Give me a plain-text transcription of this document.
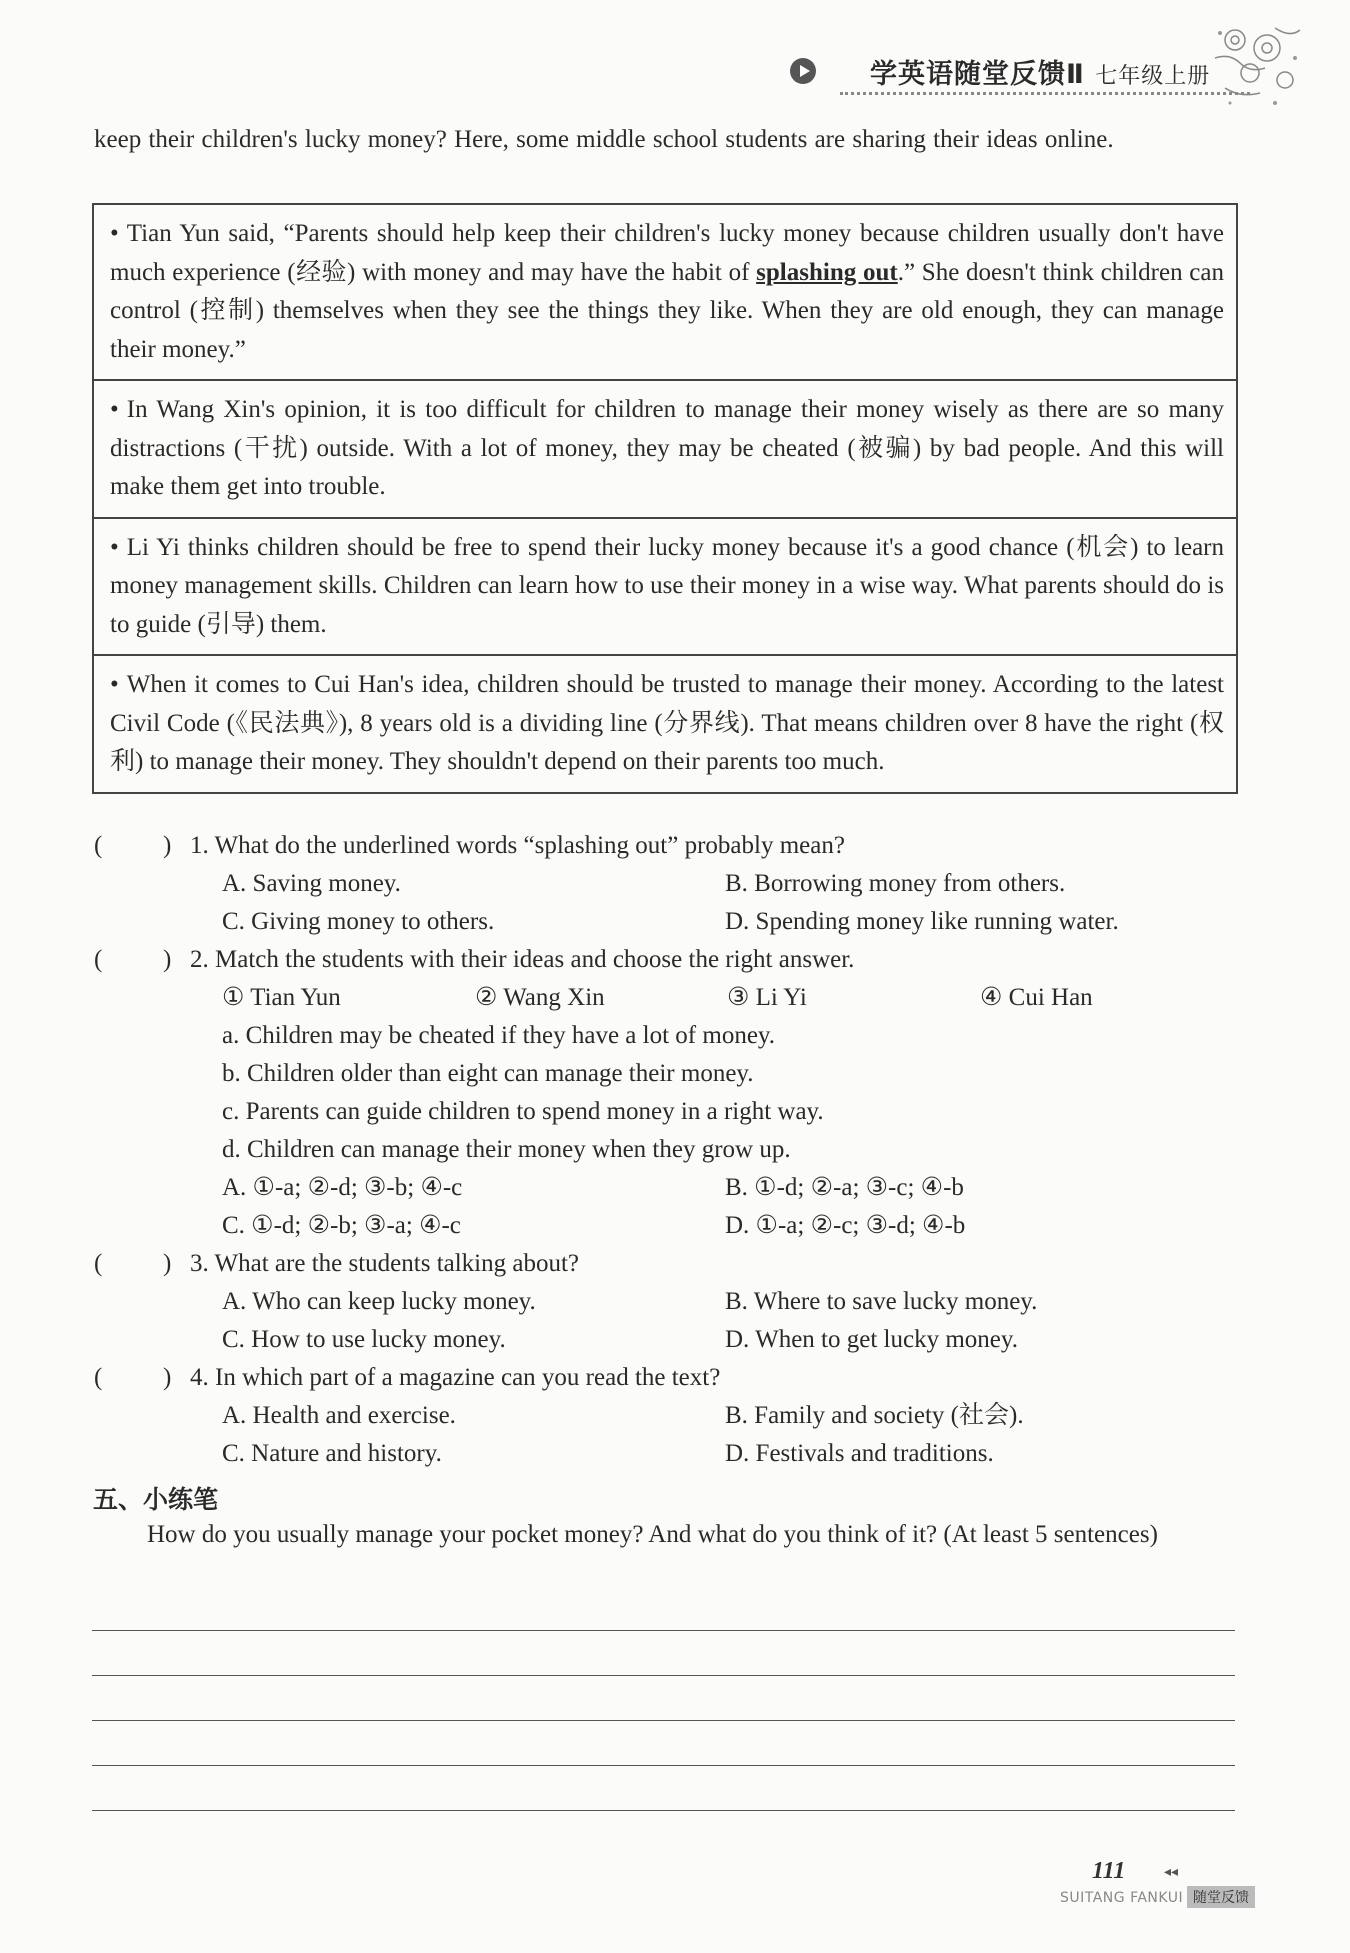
学英语随堂反馈Ⅱ 七年级上册
keep their children's lucky money? Here, some middle school students are sharing their ideas online.
• Tian Yun said, “Parents should help keep their children's lucky money because children usually don't have much experience (经验) with money and may have the habit of splashing out.” She doesn't think children can control (控制) themselves when they see the things they like. When they are old enough, they can manage their money.”
• In Wang Xin's opinion, it is too difficult for children to manage their money wisely as there are so many distractions (干扰) outside. With a lot of money, they may be cheated (被骗) by bad people. And this will make them get into trouble.
• Li Yi thinks children should be free to spend their lucky money because it's a good chance (机会) to learn money management skills. Children can learn how to use their money in a wise way. What parents should do is to guide (引导) them.
• When it comes to Cui Han's idea, children should be trusted to manage their money. According to the latest Civil Code (《民法典》), 8 years old is a dividing line (分界线). That means children over 8 have the right (权利) to manage their money. They shouldn't depend on their parents too much.
( ) 1. What do the underlined words “splashing out” probably mean?
A. Saving money.	B. Borrowing money from others.
C. Giving money to others.	D. Spending money like running water.
( ) 2. Match the students with their ideas and choose the right answer.
① Tian Yun	② Wang Xin	③ Li Yi	④ Cui Han
a. Children may be cheated if they have a lot of money.
b. Children older than eight can manage their money.
c. Parents can guide children to spend money in a right way.
d. Children can manage their money when they grow up.
A. ①-a; ②-d; ③-b; ④-c	B. ①-d; ②-a; ③-c; ④-b
C. ①-d; ②-b; ③-a; ④-c	D. ①-a; ②-c; ③-d; ④-b
( ) 3. What are the students talking about?
A. Who can keep lucky money.	B. Where to save lucky money.
C. How to use lucky money.	D. When to get lucky money.
( ) 4. In which part of a magazine can you read the text?
A. Health and exercise.	B. Family and society (社会).
C. Nature and history.	D. Festivals and traditions.
五、小练笔
How do you usually manage your pocket money? And what do you think of it? (At least 5 sentences)
111	◂◂
SUITANG FANKUI 随堂反馈
